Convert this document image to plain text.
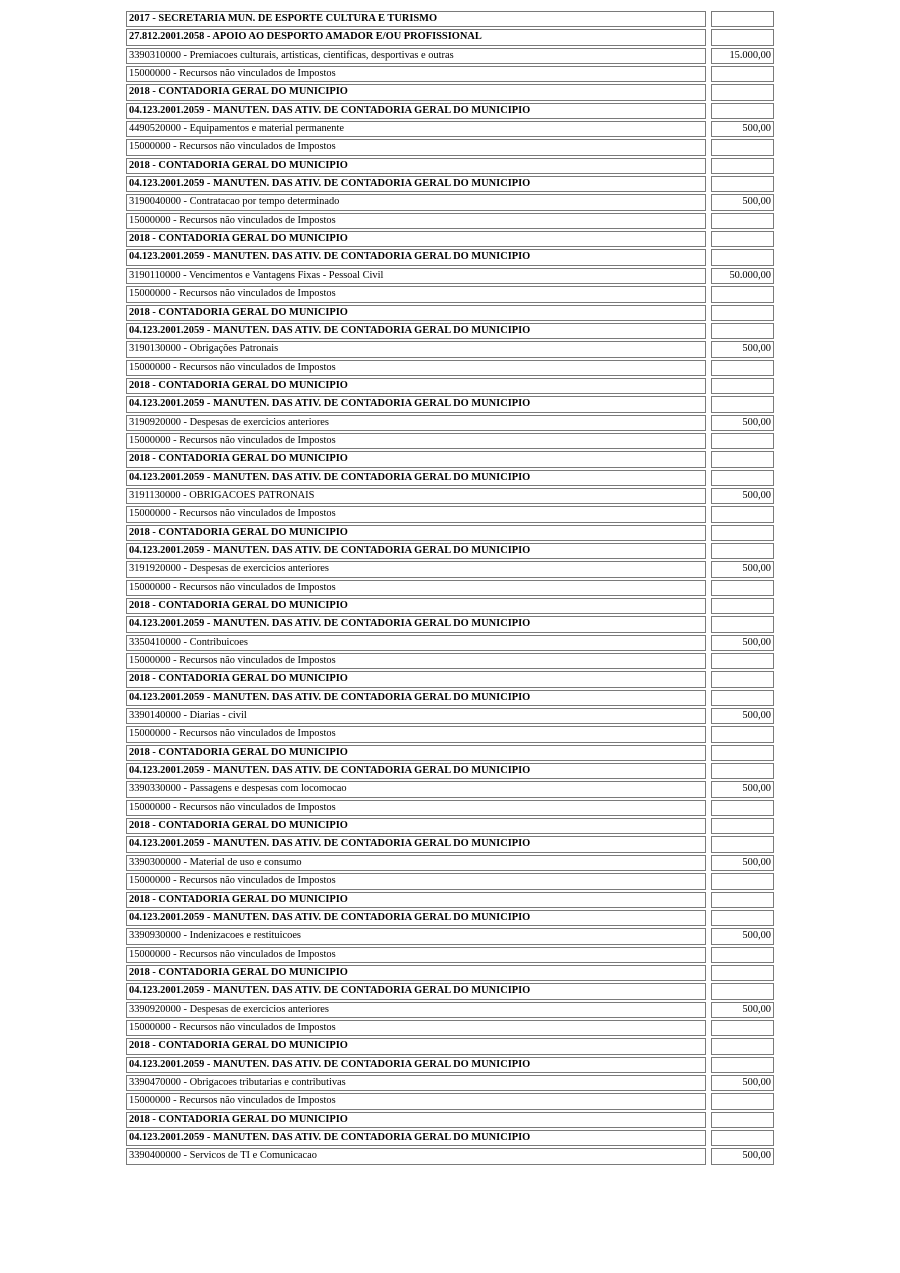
2017 - SECRETARIA MUN. DE ESPORTE CULTURA E TURISMO
27.812.2001.2058 - APOIO AO DESPORTO AMADOR E/OU PROFISSIONAL
3390310000 - Premiacoes culturais, artisticas, cientificas, desportivas e outras	15.000,00
15000000 - Recursos não vinculados de Impostos
2018 - CONTADORIA GERAL DO MUNICIPIO
04.123.2001.2059 - MANUTEN. DAS ATIV. DE CONTADORIA GERAL DO MUNICIPIO
4490520000 - Equipamentos e material permanente	500,00
15000000 - Recursos não vinculados de Impostos
2018 - CONTADORIA GERAL DO MUNICIPIO
04.123.2001.2059 - MANUTEN. DAS ATIV. DE CONTADORIA GERAL DO MUNICIPIO
3190040000 - Contratacao por tempo determinado	500,00
15000000 - Recursos não vinculados de Impostos
2018 - CONTADORIA GERAL DO MUNICIPIO
04.123.2001.2059 - MANUTEN. DAS ATIV. DE CONTADORIA GERAL DO MUNICIPIO
3190110000 - Vencimentos e Vantagens Fixas - Pessoal Civil	50.000,00
15000000 - Recursos não vinculados de Impostos
2018 - CONTADORIA GERAL DO MUNICIPIO
04.123.2001.2059 - MANUTEN. DAS ATIV. DE CONTADORIA GERAL DO MUNICIPIO
3190130000 - Obrigações Patronais	500,00
15000000 - Recursos não vinculados de Impostos
2018 - CONTADORIA GERAL DO MUNICIPIO
04.123.2001.2059 - MANUTEN. DAS ATIV. DE CONTADORIA GERAL DO MUNICIPIO
3190920000 - Despesas de exercicios anteriores	500,00
15000000 - Recursos não vinculados de Impostos
2018 - CONTADORIA GERAL DO MUNICIPIO
04.123.2001.2059 - MANUTEN. DAS ATIV. DE CONTADORIA GERAL DO MUNICIPIO
3191130000 - OBRIGACOES PATRONAIS	500,00
15000000 - Recursos não vinculados de Impostos
2018 - CONTADORIA GERAL DO MUNICIPIO
04.123.2001.2059 - MANUTEN. DAS ATIV. DE CONTADORIA GERAL DO MUNICIPIO
3191920000 - Despesas de exercicios anteriores	500,00
15000000 - Recursos não vinculados de Impostos
2018 - CONTADORIA GERAL DO MUNICIPIO
04.123.2001.2059 - MANUTEN. DAS ATIV. DE CONTADORIA GERAL DO MUNICIPIO
3350410000 - Contribuicoes	500,00
15000000 - Recursos não vinculados de Impostos
2018 - CONTADORIA GERAL DO MUNICIPIO
04.123.2001.2059 - MANUTEN. DAS ATIV. DE CONTADORIA GERAL DO MUNICIPIO
3390140000 - Diarias - civil	500,00
15000000 - Recursos não vinculados de Impostos
2018 - CONTADORIA GERAL DO MUNICIPIO
04.123.2001.2059 - MANUTEN. DAS ATIV. DE CONTADORIA GERAL DO MUNICIPIO
3390330000 - Passagens e despesas com locomocao	500,00
15000000 - Recursos não vinculados de Impostos
2018 - CONTADORIA GERAL DO MUNICIPIO
04.123.2001.2059 - MANUTEN. DAS ATIV. DE CONTADORIA GERAL DO MUNICIPIO
3390300000 - Material de uso e consumo	500,00
15000000 - Recursos não vinculados de Impostos
2018 - CONTADORIA GERAL DO MUNICIPIO
04.123.2001.2059 - MANUTEN. DAS ATIV. DE CONTADORIA GERAL DO MUNICIPIO
3390930000 - Indenizacoes e restituicoes	500,00
15000000 - Recursos não vinculados de Impostos
2018 - CONTADORIA GERAL DO MUNICIPIO
04.123.2001.2059 - MANUTEN. DAS ATIV. DE CONTADORIA GERAL DO MUNICIPIO
3390920000 - Despesas de exercicios anteriores	500,00
15000000 - Recursos não vinculados de Impostos
2018 - CONTADORIA GERAL DO MUNICIPIO
04.123.2001.2059 - MANUTEN. DAS ATIV. DE CONTADORIA GERAL DO MUNICIPIO
3390470000 - Obrigacoes tributarias e contributivas	500,00
15000000 - Recursos não vinculados de Impostos
2018 - CONTADORIA GERAL DO MUNICIPIO
04.123.2001.2059 - MANUTEN. DAS ATIV. DE CONTADORIA GERAL DO MUNICIPIO
3390400000 - Servicos de TI e Comunicacao	500,00
